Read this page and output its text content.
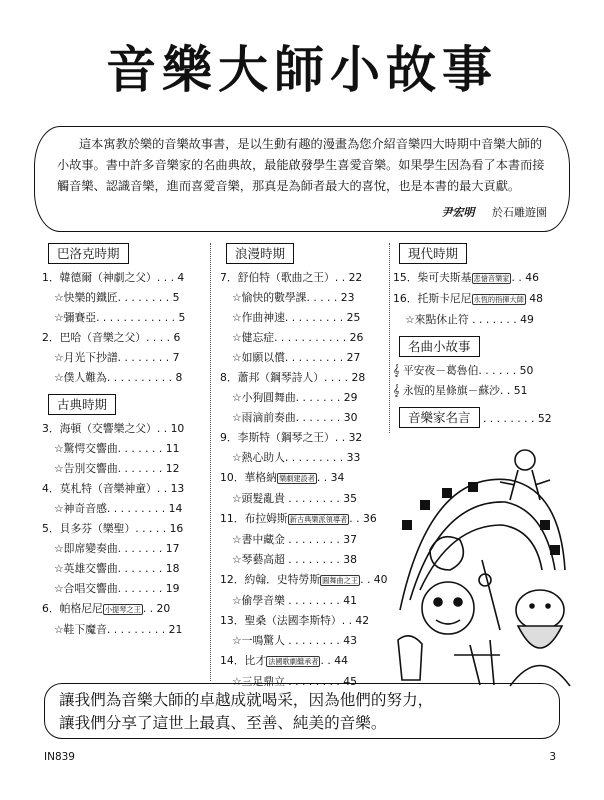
音樂大師小故事
這本寓教於樂的音樂故事書，是以生動有趣的漫畫為您介紹音樂四大時期中音樂大師的小故事。書中許多音樂家的名曲典故，最能啟發學生喜愛音樂。如果學生因為看了本書而接觸音樂、認識音樂，進而喜愛音樂，那真是為師者最大的喜悅，也是本書的最大貢獻。
尹宏明 於石雕遊園
巴洛克時期
1．韓德爾（神劇之父）. . . 4
☆快樂的鐵匠. . . . . . . . 5
☆彌賽亞. . . . . . . . . . . . 5
2．巴哈（音樂之父）. . . . 6
☆月光下抄譜. . . . . . . . 7
☆僕人難為. . . . . . . . . . 8
古典時期
3．海頓（交響樂之父）. . 10
☆驚愕交響曲. . . . . . . 11
☆告別交響曲. . . . . . . 12
4．莫札特（音樂神童）. . 13
☆神奇音感. . . . . . . . . 14
5．貝多芬（樂聖）. . . . . 16
☆即席變奏曲. . . . . . . 17
☆英雄交響曲. . . . . . . 18
☆合唱交響曲. . . . . . . 19
6．帕格尼尼 小提琴之王 . . 20
☆鞋下魔音. . . . . . . . . 21
浪漫時期
7．舒伯特（歌曲之王）. . 22
☆愉快的數學課. . . . . 23
☆作曲神速. . . . . . . . . 25
☆健忘症. . . . . . . . . . . 26
☆如願以償. . . . . . . . . 27
8．蕭邦（鋼琴詩人）. . . . 28
☆小狗圓舞曲. . . . . . . 29
☆雨滴前奏曲. . . . . . . 30
9．李斯特（鋼琴之王）. . 32
☆熱心助人. . . . . . . . . 33
10．華格納 樂劇建設者 . . 34
☆頭髮亂貴 . . . . . . . . 35
11．布拉姆斯 新古典樂派領導者 . . 36
☆書中藏金 . . . . . . . . 37
☆琴藝高超 . . . . . . . . 38
12．約翰．史特勞斯 圓舞曲之王 . . 40
☆偷學音樂 . . . . . . . . 41
13．聖桑（法國李斯特）. . 42
☆一鳴驚人 . . . . . . . . 43
14．比才 法國歌劇繼承者 . . 44
☆三足鼎立 . . . . . . . . 45
現代時期
15．柴可夫斯基 悲愴音樂家 . . 46
16．托斯卡尼尼 永恆的指揮大師 48
☆來點休止符 . . . . . . . 49
名曲小故事
𝄞 平安夜－葛魯伯. . . . . . 50
𝄞 永恆的星條旗－蘇沙. . 51
音樂家名言 . . . . . . . . 52
讓我們為音樂大師的卓越成就喝采，因為他們的努力，
讓我們分享了這世上最真、至善、純美的音樂。
IN839	3
